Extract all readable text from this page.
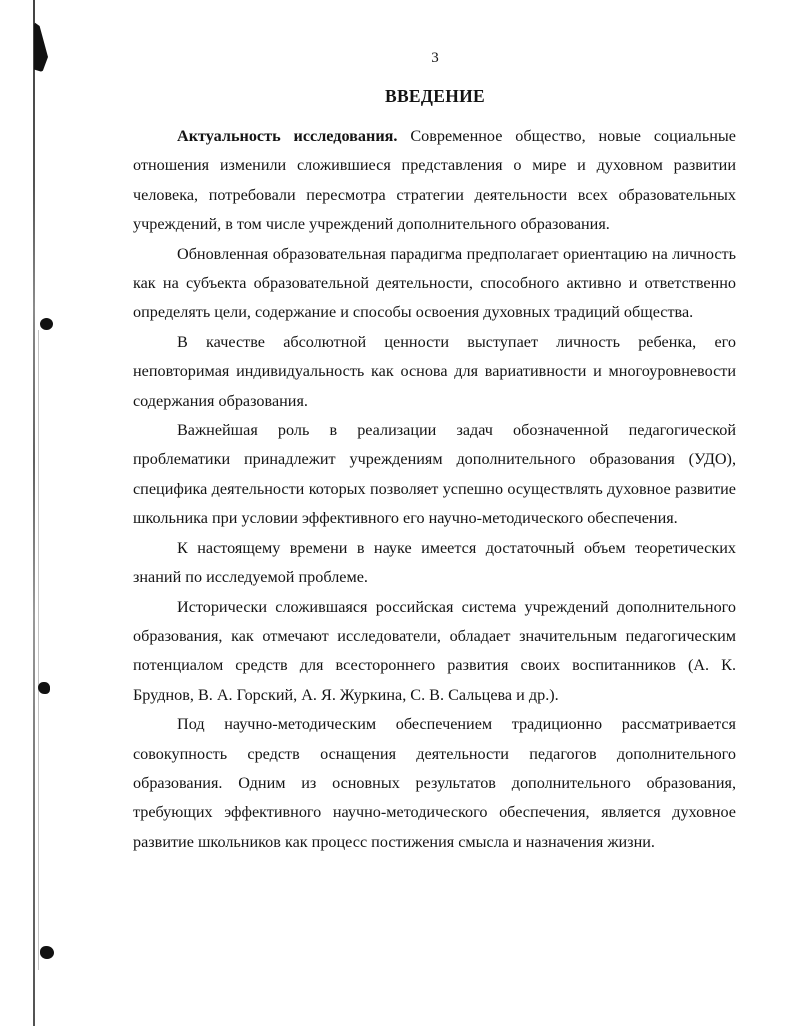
3
ВВЕДЕНИЕ

Актуальность исследования. Современное общество, новые социальные отношения изменили сложившиеся представления о мире и духовном развитии человека, потребовали пересмотра стратегии деятельности всех образовательных учреждений, в том числе учреждений дополнительного образования.

Обновленная образовательная парадигма предполагает ориентацию на личность как на субъекта образовательной деятельности, способного активно и ответственно определять цели, содержание и способы освоения духовных традиций общества.

В качестве абсолютной ценности выступает личность ребенка, его неповторимая индивидуальность как основа для вариативности и многоуровневости содержания образования.

Важнейшая роль в реализации задач обозначенной педагогической проблематики принадлежит учреждениям дополнительного образования (УДО), специфика деятельности которых позволяет успешно осуществлять духовное развитие школьника при условии эффективного его научно-методического обеспечения.

К настоящему времени в науке имеется достаточный объем теоретических знаний по исследуемой проблеме.

Исторически сложившаяся российская система учреждений дополнительного образования, как отмечают исследователи, обладает значительным педагогическим потенциалом средств для всестороннего развития своих воспитанников (А. К. Бруднов, В. А. Горский, А. Я. Журкина, С. В. Сальцева и др.).

Под научно-методическим обеспечением традиционно рассматривается совокупность средств оснащения деятельности педагогов дополнительного образования. Одним из основных результатов дополнительного образования, требующих эффективного научно-методического обеспечения, является духовное развитие школьников как процесс постижения смысла и назначения жизни.
